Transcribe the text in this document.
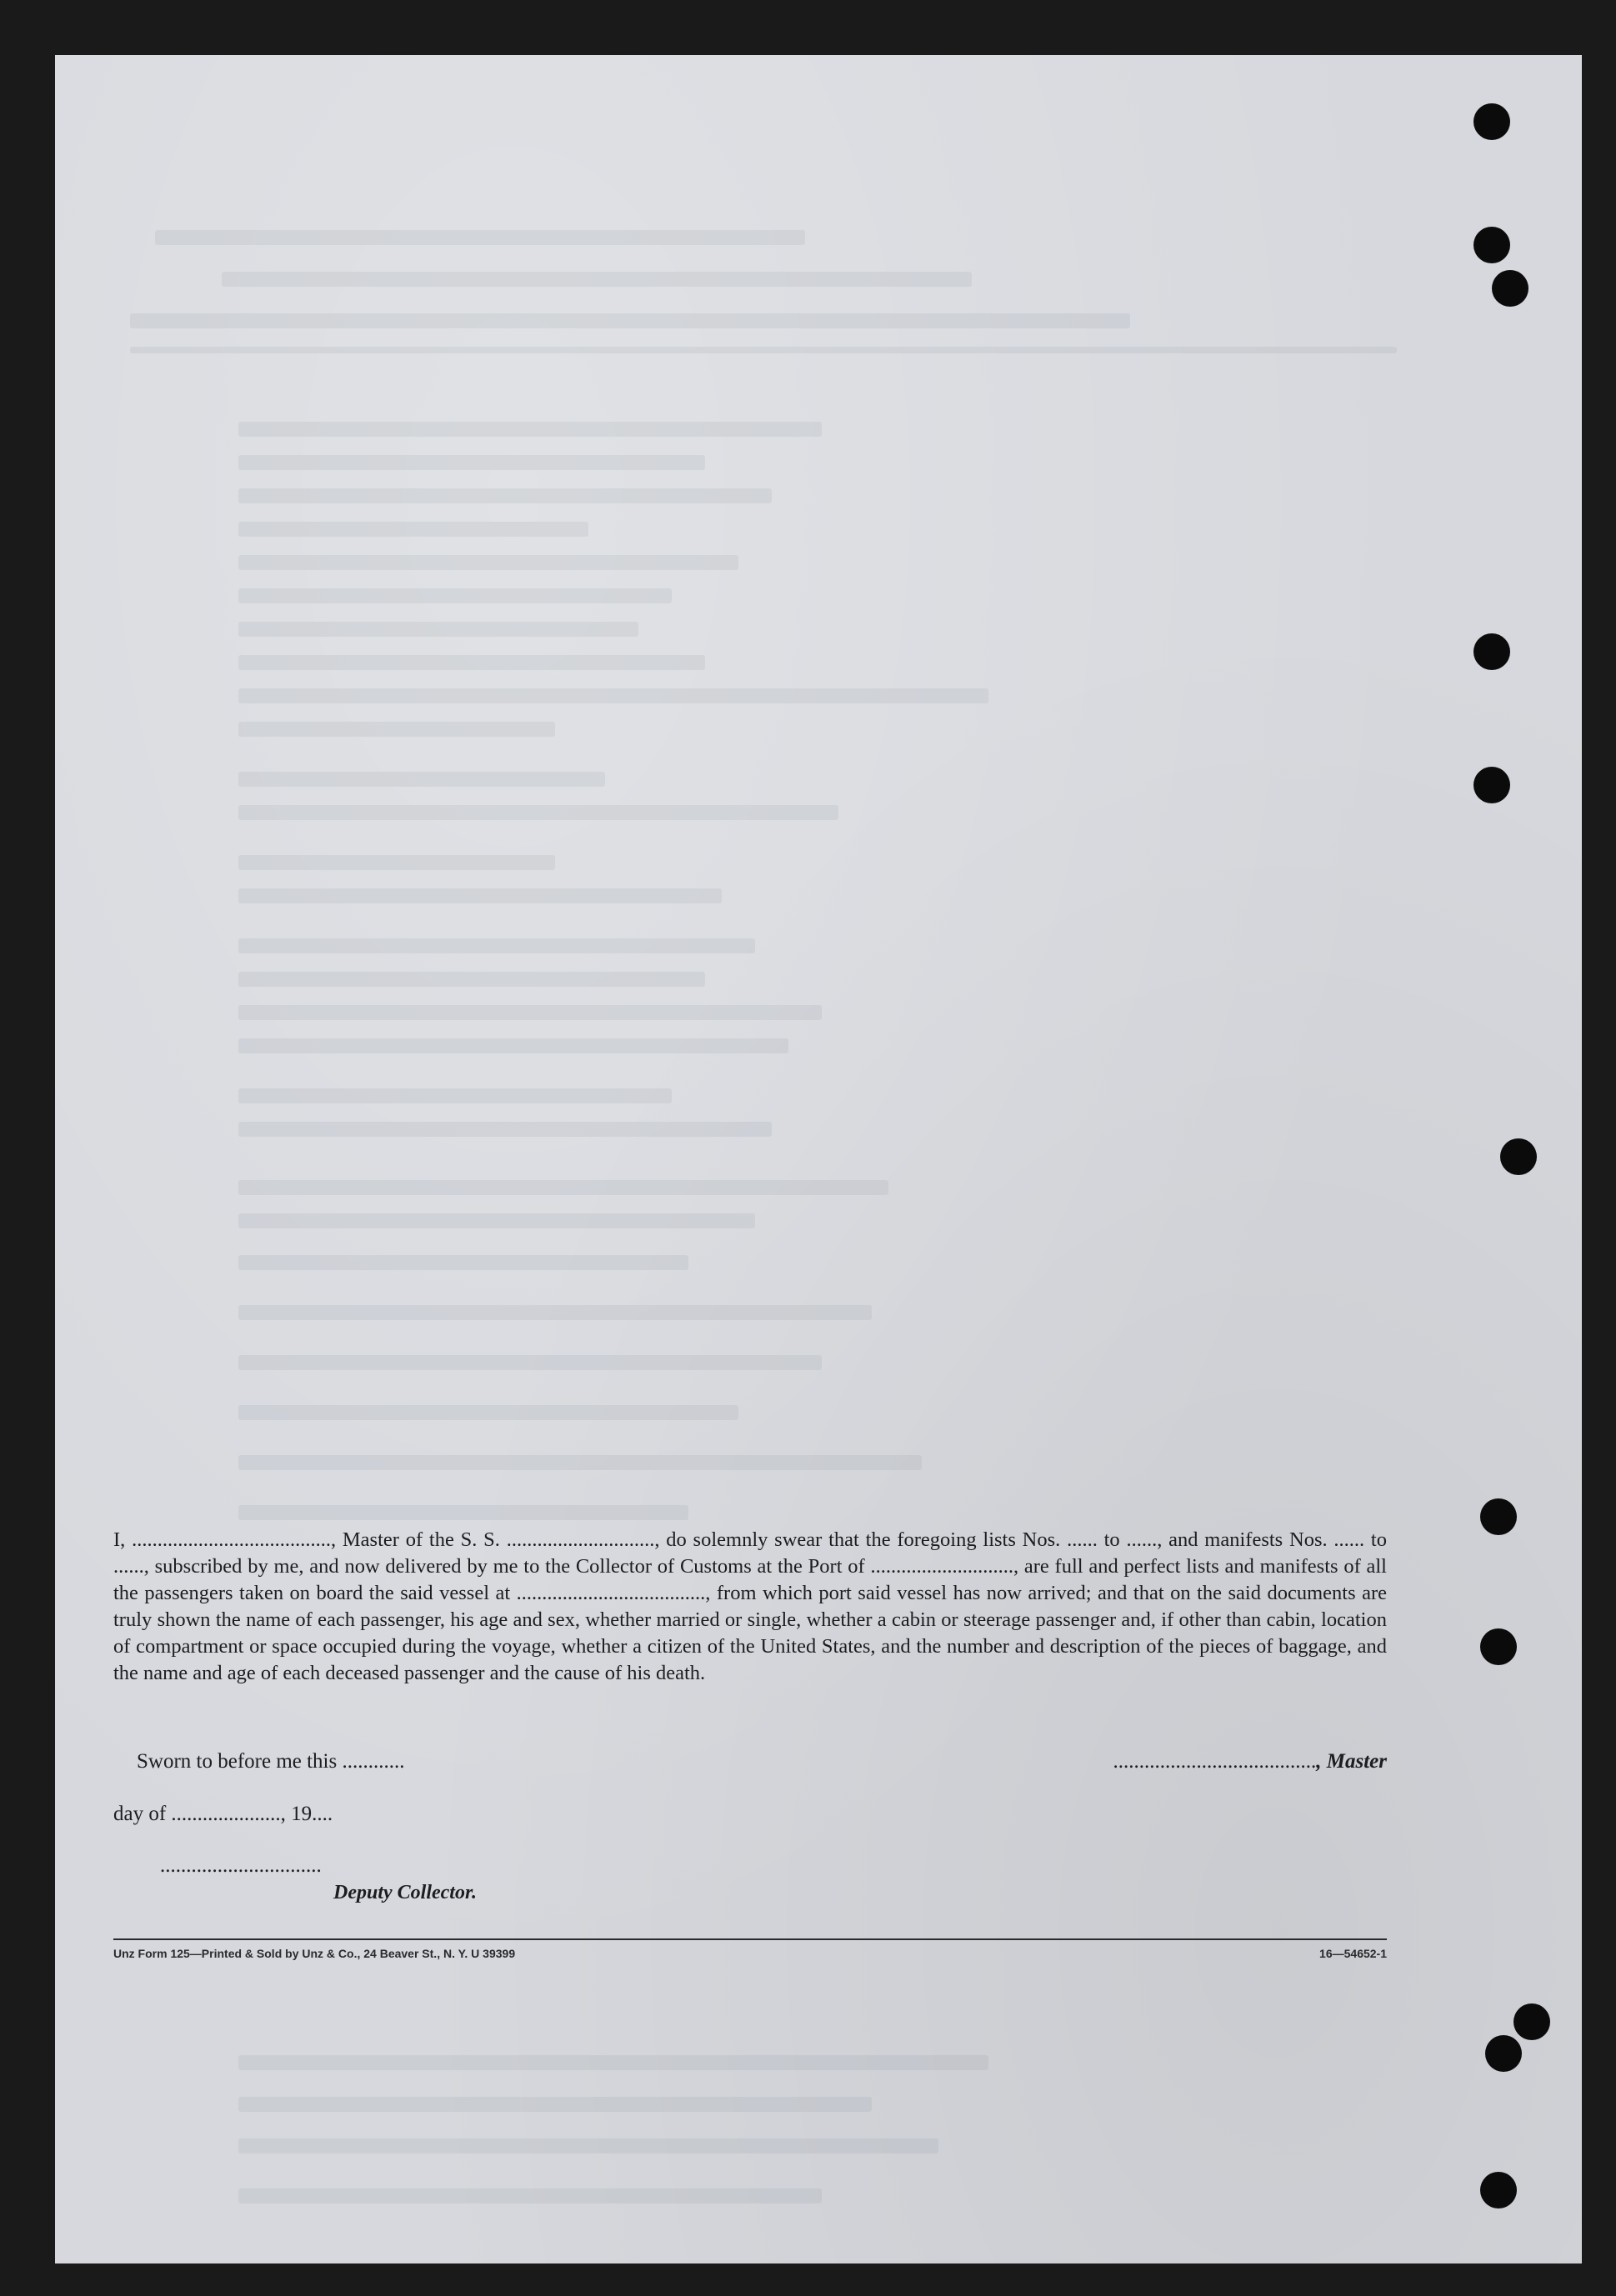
I, ......................................., Master of the S. S. ............................., do solemnly swear that the foregoing lists Nos. ...... to ......, and manifests Nos. ...... to ......, subscribed by me, and now delivered by me to the Collector of Customs at the Port of ............................, are full and perfect lists and manifests of all the passengers taken on board the said vessel at ....................................., from which port said vessel has now arrived; and that on the said documents are truly shown the name of each passenger, his age and sex, whether married or single, whether a cabin or steerage passenger and, if other than cabin, location of compartment or space occupied during the voyage, whether a citizen of the United States, and the number and description of the pieces of baggage, and the name and age of each deceased passenger and the cause of his death.

Sworn to before me this ............	......................................., Master
day of ....................., 19....
...............................
Deputy Collector.
Unz Form 125—Printed & Sold by Unz & Co., 24 Beaver St., N. Y. U 39399	16—54652-1
